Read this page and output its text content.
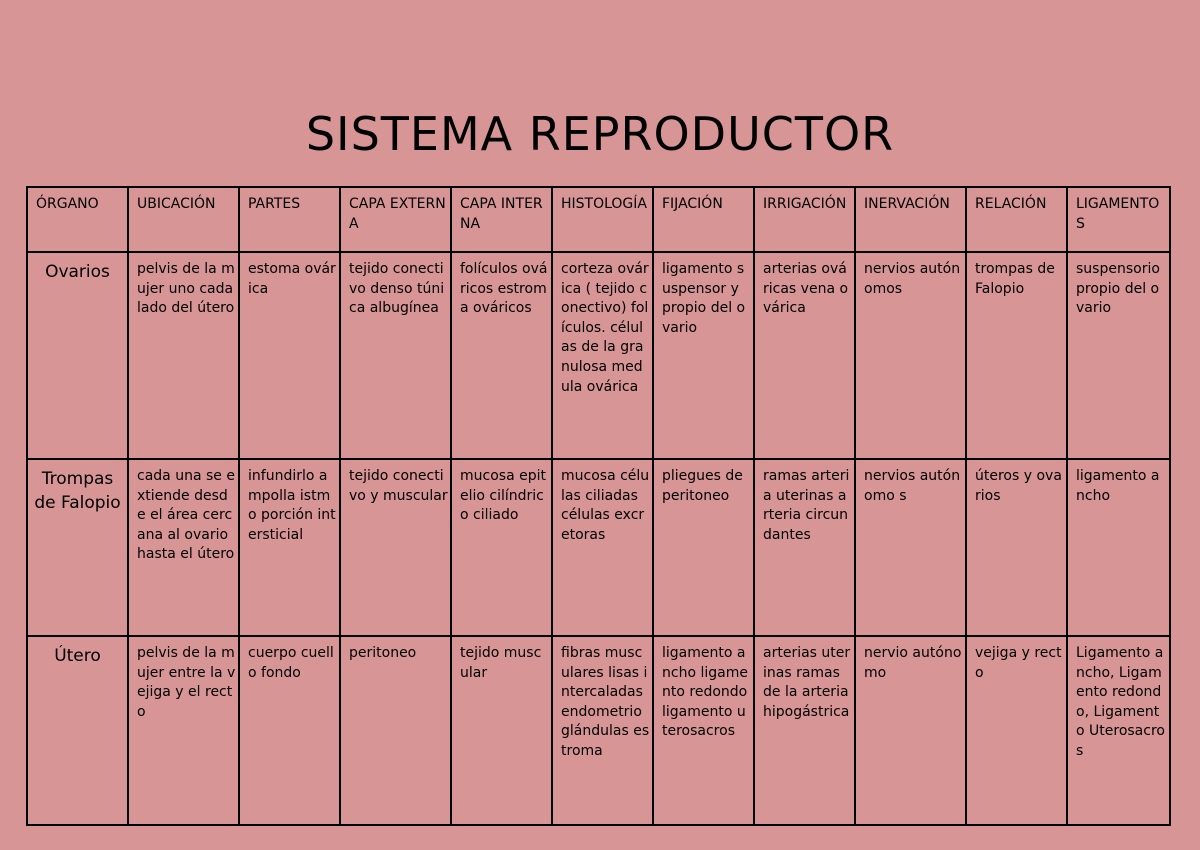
SISTEMA REPRODUCTOR
ÓRGANO	UBICACIÓN	PARTES	CAPA EXTERNA	CAPA INTERNA	HISTOLOGÍA	FIJACIÓN	IRRIGACIÓN	INERVACIÓN	RELACIÓN	LIGAMENTOS
Ovarios	pelvis de la mujer uno cada lado del útero	estoma ovárica	tejido conectivo denso túnica albugínea	folículos ováricos estroma ováricos	corteza ovárica ( tejido conectivo) folículos. células de la granulosa medula ovárica	ligamento suspensor y propio del ovario	arterias ováricas vena ovárica	nervios autónomos	trompas de Falopio	suspensorio propio del ovario
Trompas de Falopio	cada una se extiende desde el área cercana al ovario hasta el útero	infundirlo ampolla istmo porción intersticial	tejido conectivo y muscular	mucosa epitelio cilíndrico ciliado	mucosa células ciliadas células excretoras	pliegues de peritoneo	ramas arteria uterinas arteria circundantes	nervios autónomo s	úteros y ovarios	ligamento ancho
Útero	pelvis de la mujer entre la vejiga y el recto	cuerpo cuello fondo	peritoneo	tejido muscular	fibras musculares lisas intercaladas endometrio glándulas estroma	ligamento ancho ligamento redondo ligamento uterosacros	arterias uterinas ramas de la arteria hipogástrica	nervio autónomo	vejiga y recto	Ligamento ancho, Ligamento redondo, Ligamento Uterosacros
